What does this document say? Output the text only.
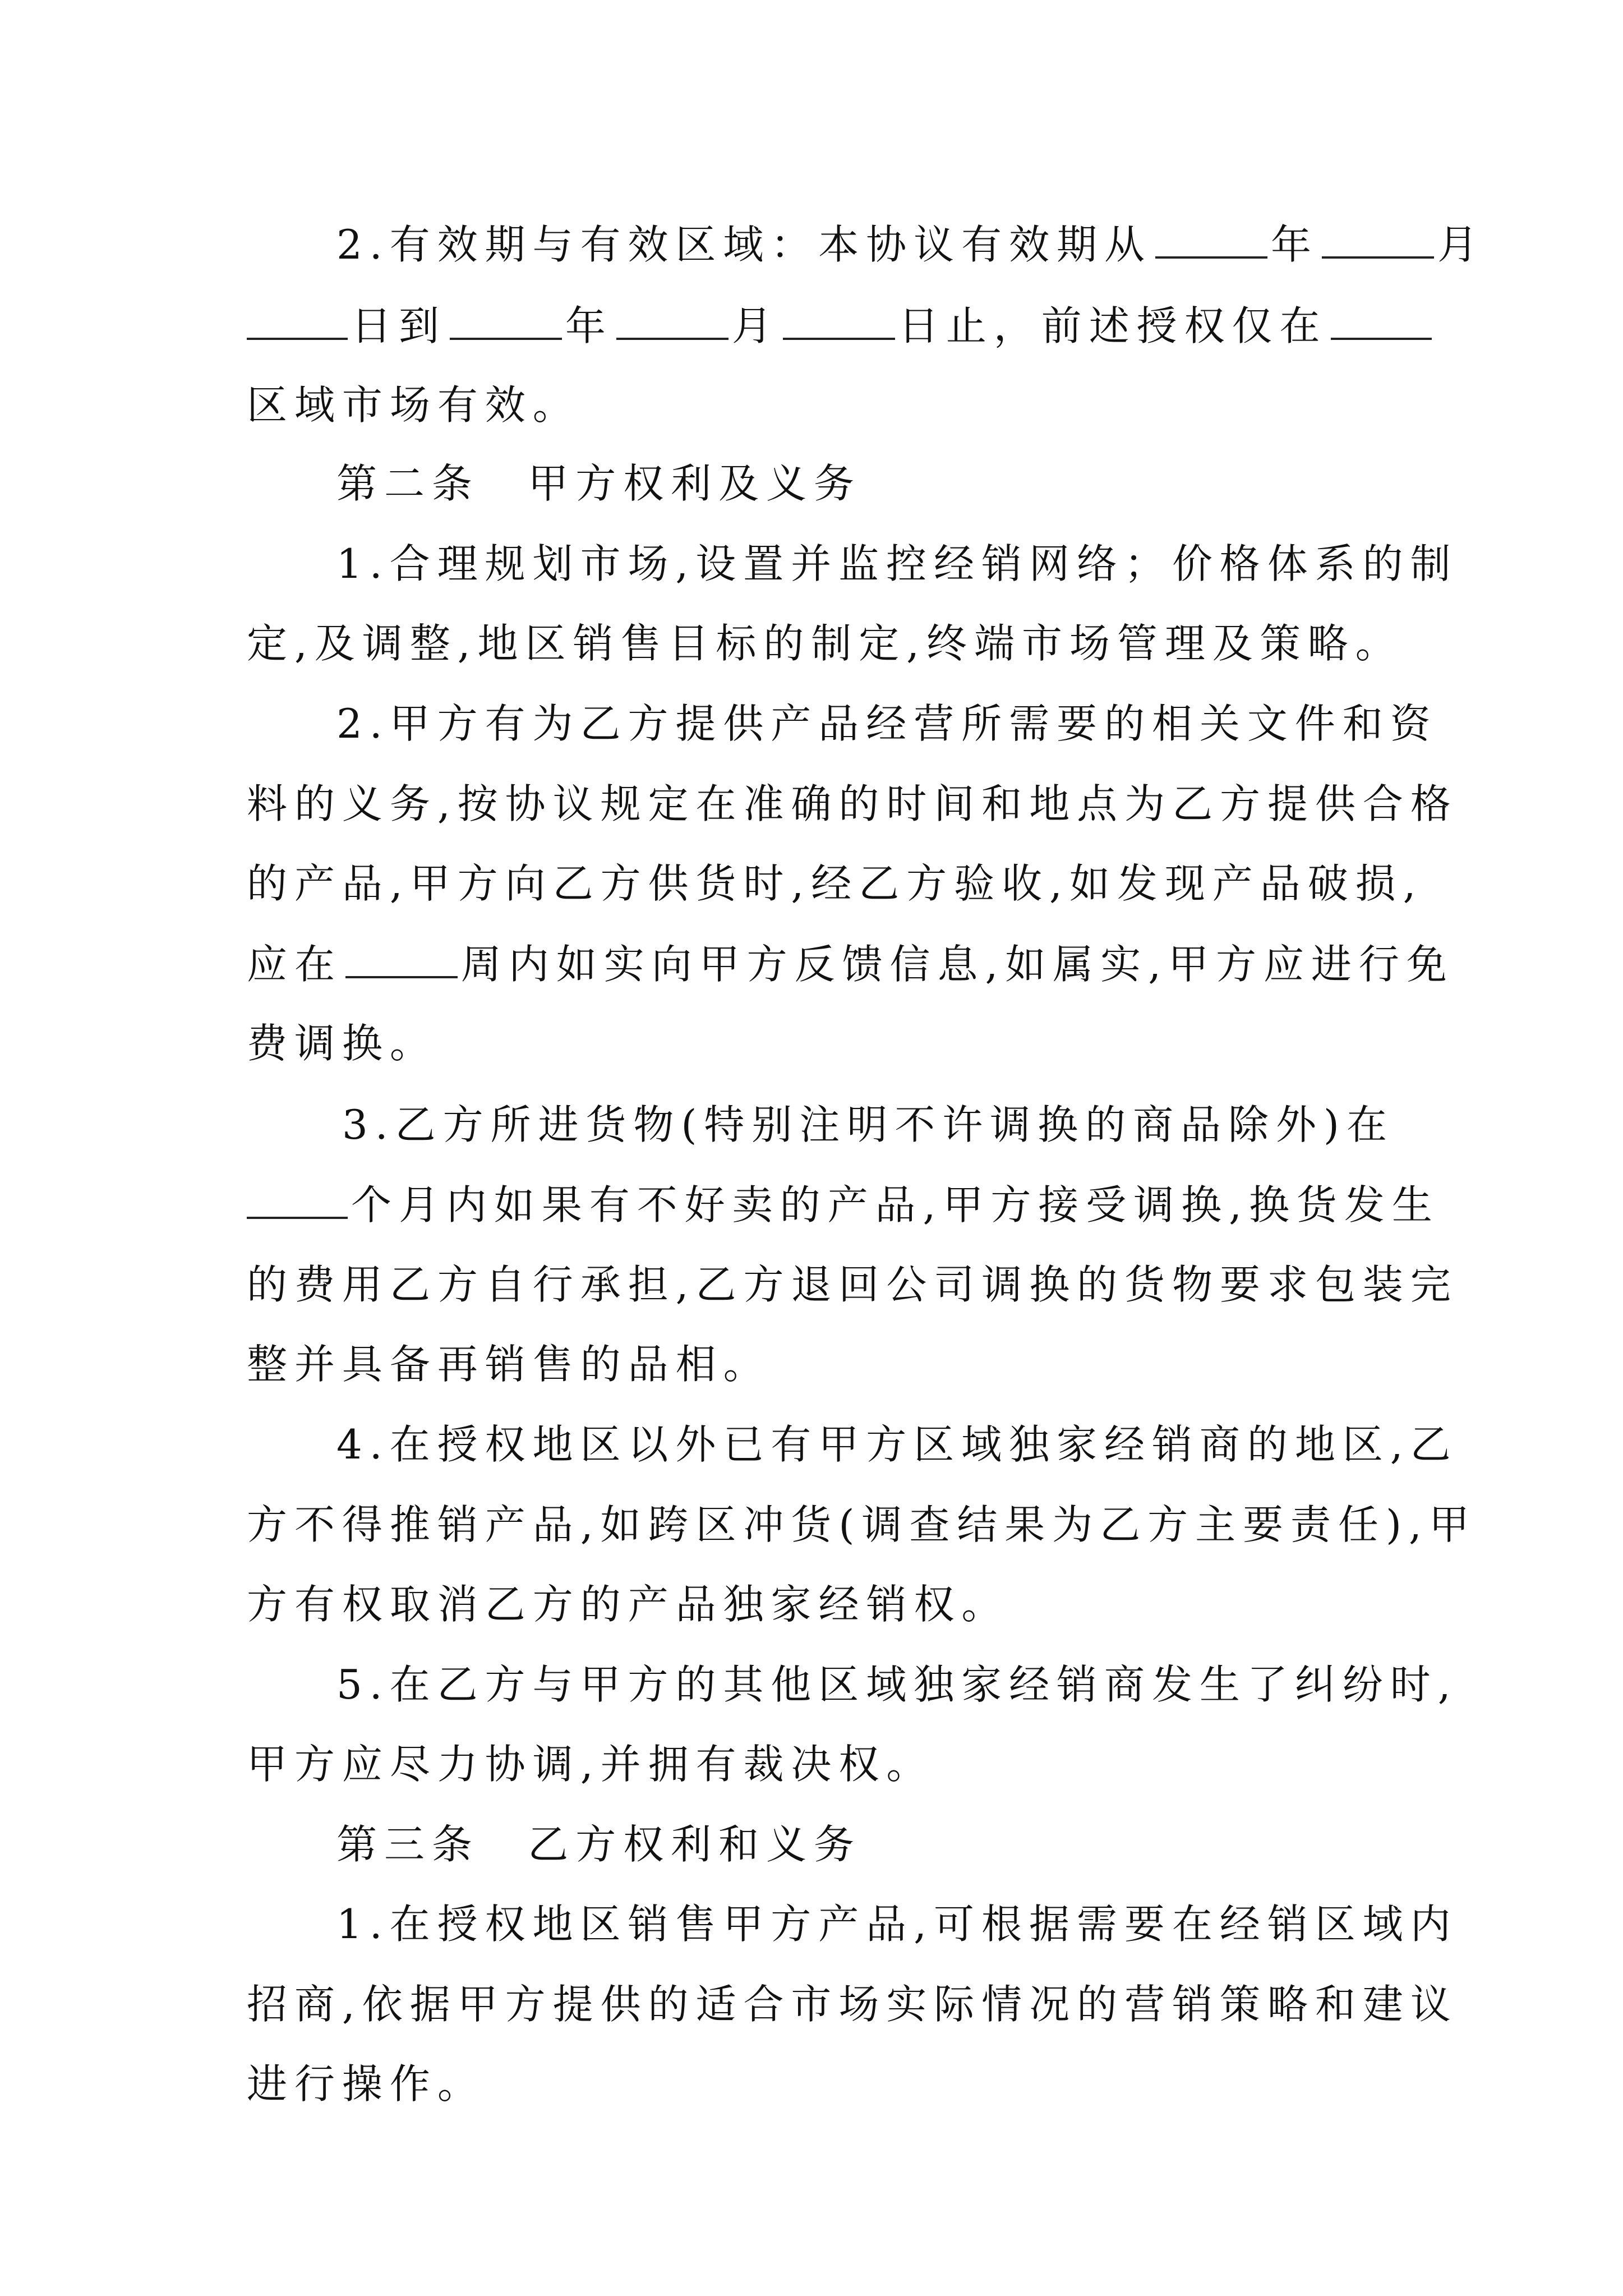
2.有效期与有效区域：本协议有效期从	年	月

日到	年	月	日止，前述授权仅在

区域市场有效。

第二条 甲方权利及义务

1.合理规划市场,设置并监控经销网络；价格体系的制

定,及调整,地区销售目标的制定,终端市场管理及策略。

2.甲方有为乙方提供产品经营所需要的相关文件和资

料的义务,按协议规定在准确的时间和地点为乙方提供合格

的产品,甲方向乙方供货时,经乙方验收,如发现产品破损,

应在	周内如实向甲方反馈信息,如属实,甲方应进行免

费调换。

3.乙方所进货物(特别注明不许调换的商品除外)在

个月内如果有不好卖的产品,甲方接受调换,换货发生

的费用乙方自行承担,乙方退回公司调换的货物要求包装完

整并具备再销售的品相。

4.在授权地区以外已有甲方区域独家经销商的地区,乙

方不得推销产品,如跨区冲货(调查结果为乙方主要责任),甲

方有权取消乙方的产品独家经销权。

5.在乙方与甲方的其他区域独家经销商发生了纠纷时,

甲方应尽力协调,并拥有裁决权。

第三条 乙方权利和义务

1.在授权地区销售甲方产品,可根据需要在经销区域内

招商,依据甲方提供的适合市场实际情况的营销策略和建议

进行操作。
